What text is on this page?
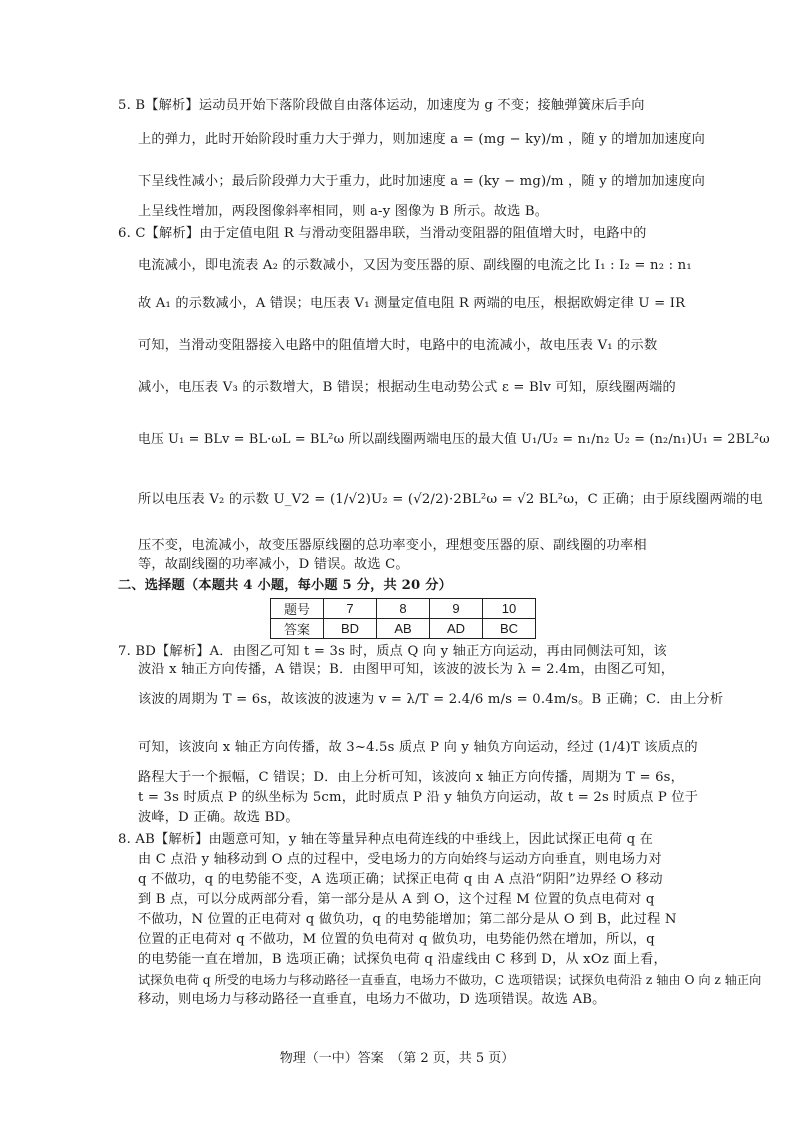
5. B【解析】运动员开始下落阶段做自由落体运动，加速度为 g 不变；接触弹簧床后手向
上的弹力，此时开始阶段时重力大于弹力，则加速度 a = (mg − ky)/m ，随 y 的增加加速度向
下呈线性减小；最后阶段弹力大于重力，此时加速度 a = (ky − mg)/m ，随 y 的增加加速度向
上呈线性增加，两段图像斜率相同，则 a-y 图像为 B 所示。故选 B。
6. C【解析】由于定值电阻 R 与滑动变阻器串联，当滑动变阻器的阻值增大时，电路中的
电流减小，即电流表 A₂ 的示数减小，又因为变压器的原、副线圈的电流之比 I₁ : I₂ = n₂ : n₁
故 A₁ 的示数减小，A 错误；电压表 V₁ 测量定值电阻 R 两端的电压，根据欧姆定律 U = IR
可知，当滑动变阻器接入电路中的阻值增大时，电路中的电流减小，故电压表 V₁ 的示数
减小，电压表 V₃ 的示数增大，B 错误；根据动生电动势公式 ε = Blv 可知，原线圈两端的
电压 U₁ = BLv = BL·ωL = BL²ω 所以副线圈两端电压的最大值 U₁/U₂ = n₁/n₂ U₂ = (n₂/n₁)U₁ = 2BL²ω
所以电压表 V₂ 的示数 U_V2 = (1/√2)U₂ = (√2/2)·2BL²ω = √2 BL²ω，C 正确；由于原线圈两端的电
压不变，电流减小，故变压器原线圈的总功率变小，理想变压器的原、副线圈的功率相
等，故副线圈的功率减小，D 错误。故选 C。
二、选择题（本题共 4 小题，每小题 5 分，共 20 分）
题号	7	8	9	10
答案	BD	AB	AD	BC
7. BD【解析】A．由图乙可知 t = 3s 时，质点 Q 向 y 轴正方向运动，再由同侧法可知，该
波沿 x 轴正方向传播，A 错误；B．由图甲可知，该波的波长为 λ = 2.4m，由图乙可知，
该波的周期为 T = 6s，故该波的波速为 v = λ/T = 2.4/6 m/s = 0.4m/s。B 正确；C．由上分析
可知，该波向 x 轴正方向传播，故 3~4.5s 质点 P 向 y 轴负方向运动，经过 (1/4)T 该质点的
路程大于一个振幅，C 错误；D．由上分析可知，该波向 x 轴正方向传播，周期为 T = 6s，
t = 3s 时质点 P 的纵坐标为 5cm，此时质点 P 沿 y 轴负方向运动，故 t = 2s 时质点 P 位于
波峰，D 正确。故选 BD。
8. AB【解析】由题意可知，y 轴在等量异种点电荷连线的中垂线上，因此试探正电荷 q 在
由 C 点沿 y 轴移动到 O 点的过程中，受电场力的方向始终与运动方向垂直，则电场力对
q 不做功，q 的电势能不变，A 选项正确；试探正电荷 q 由 A 点沿“阴阳”边界经 O 移动
到 B 点，可以分成两部分看，第一部分是从 A 到 O，这个过程 M 位置的负点电荷对 q
不做功，N 位置的正电荷对 q 做负功，q 的电势能增加；第二部分是从 O 到 B，此过程 N
位置的正电荷对 q 不做功，M 位置的负电荷对 q 做负功，电势能仍然在增加，所以，q
的电势能一直在增加，B 选项正确；试探负电荷 q 沿虚线由 C 移到 D，从 xOz 面上看，
试探负电荷 q 所受的电场力与移动路径一直垂直，电场力不做功，C 选项错误；试探负电荷沿 z 轴由 O 向 z 轴正向
移动，则电场力与移动路径一直垂直，电场力不做功，D 选项错误。故选 AB。
物理（一中）答案　（第 2 页，共 5 页）
